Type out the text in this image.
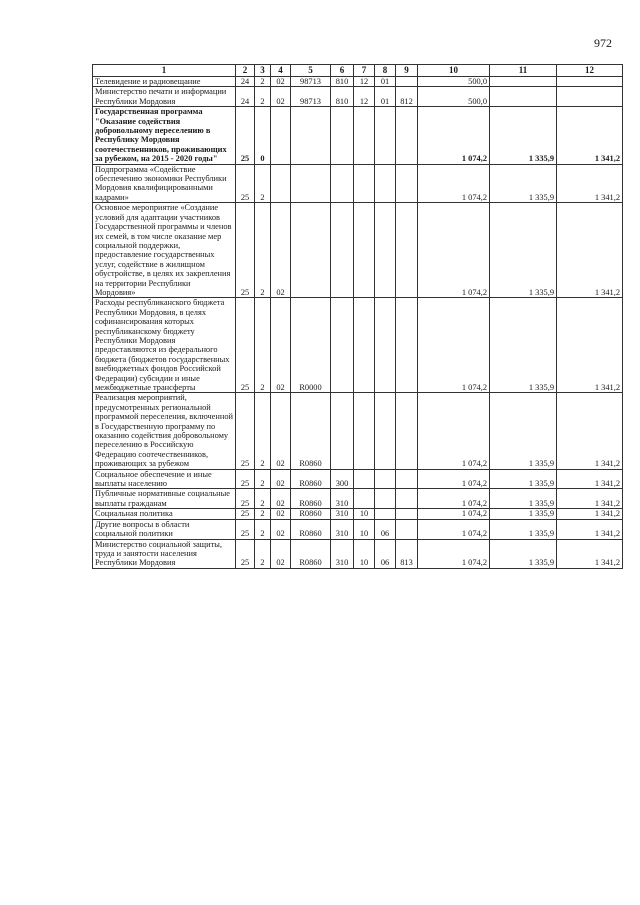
972
1	2	3	4	5	6	7	8	9	10	11	12
Телевидение и радиовещание	24	2	02	98713	810	12	01		500,0		
Министерство печати и информации Республики Мордовия	24	2	02	98713	810	12	01	812	500,0		
Государственная программа "Оказание содействия добровольному переселению в Республику Мордовия соотечественников, проживающих за рубежом, на 2015 - 2020 годы"	25	0							1 074,2	1 335,9	1 341,2
Подпрограмма «Содействие обеспечению экономики Республики Мордовия квалифицированными кадрами»	25	2							1 074,2	1 335,9	1 341,2
Основное мероприятие «Создание условий для адаптации участников Государственной программы и членов их семей, в том числе оказание мер социальной поддержки, предоставление государственных услуг, содействие в жилищном обустройстве, в целях их закрепления на территории Республики Мордовия»	25	2	02						1 074,2	1 335,9	1 341,2
Расходы республиканского бюджета Республики Мордовия, в целях софинансирования которых республиканскому бюджету Республики Мордовия предоставляются из федерального бюджета (бюджетов государственных внебюджетных фондов Российской Федерации) субсидии и иные межбюджетные трансферты	25	2	02	R0000					1 074,2	1 335,9	1 341,2
Реализация мероприятий, предусмотренных региональной программой переселения, включенной в Государственную программу по оказанию содействия добровольному переселению в Российскую Федерацию соотечественников, проживающих за рубежом	25	2	02	R0860					1 074,2	1 335,9	1 341,2
Социальное обеспечение и иные выплаты населению	25	2	02	R0860	300				1 074,2	1 335,9	1 341,2
Публичные нормативные социальные выплаты гражданам	25	2	02	R0860	310				1 074,2	1 335,9	1 341,2
Социальная политика	25	2	02	R0860	310	10			1 074,2	1 335,9	1 341,2
Другие вопросы в области социальной политики	25	2	02	R0860	310	10	06		1 074,2	1 335,9	1 341,2
Министерство социальной защиты, труда и занятости населения Республики Мордовия	25	2	02	R0860	310	10	06	813	1 074,2	1 335,9	1 341,2
